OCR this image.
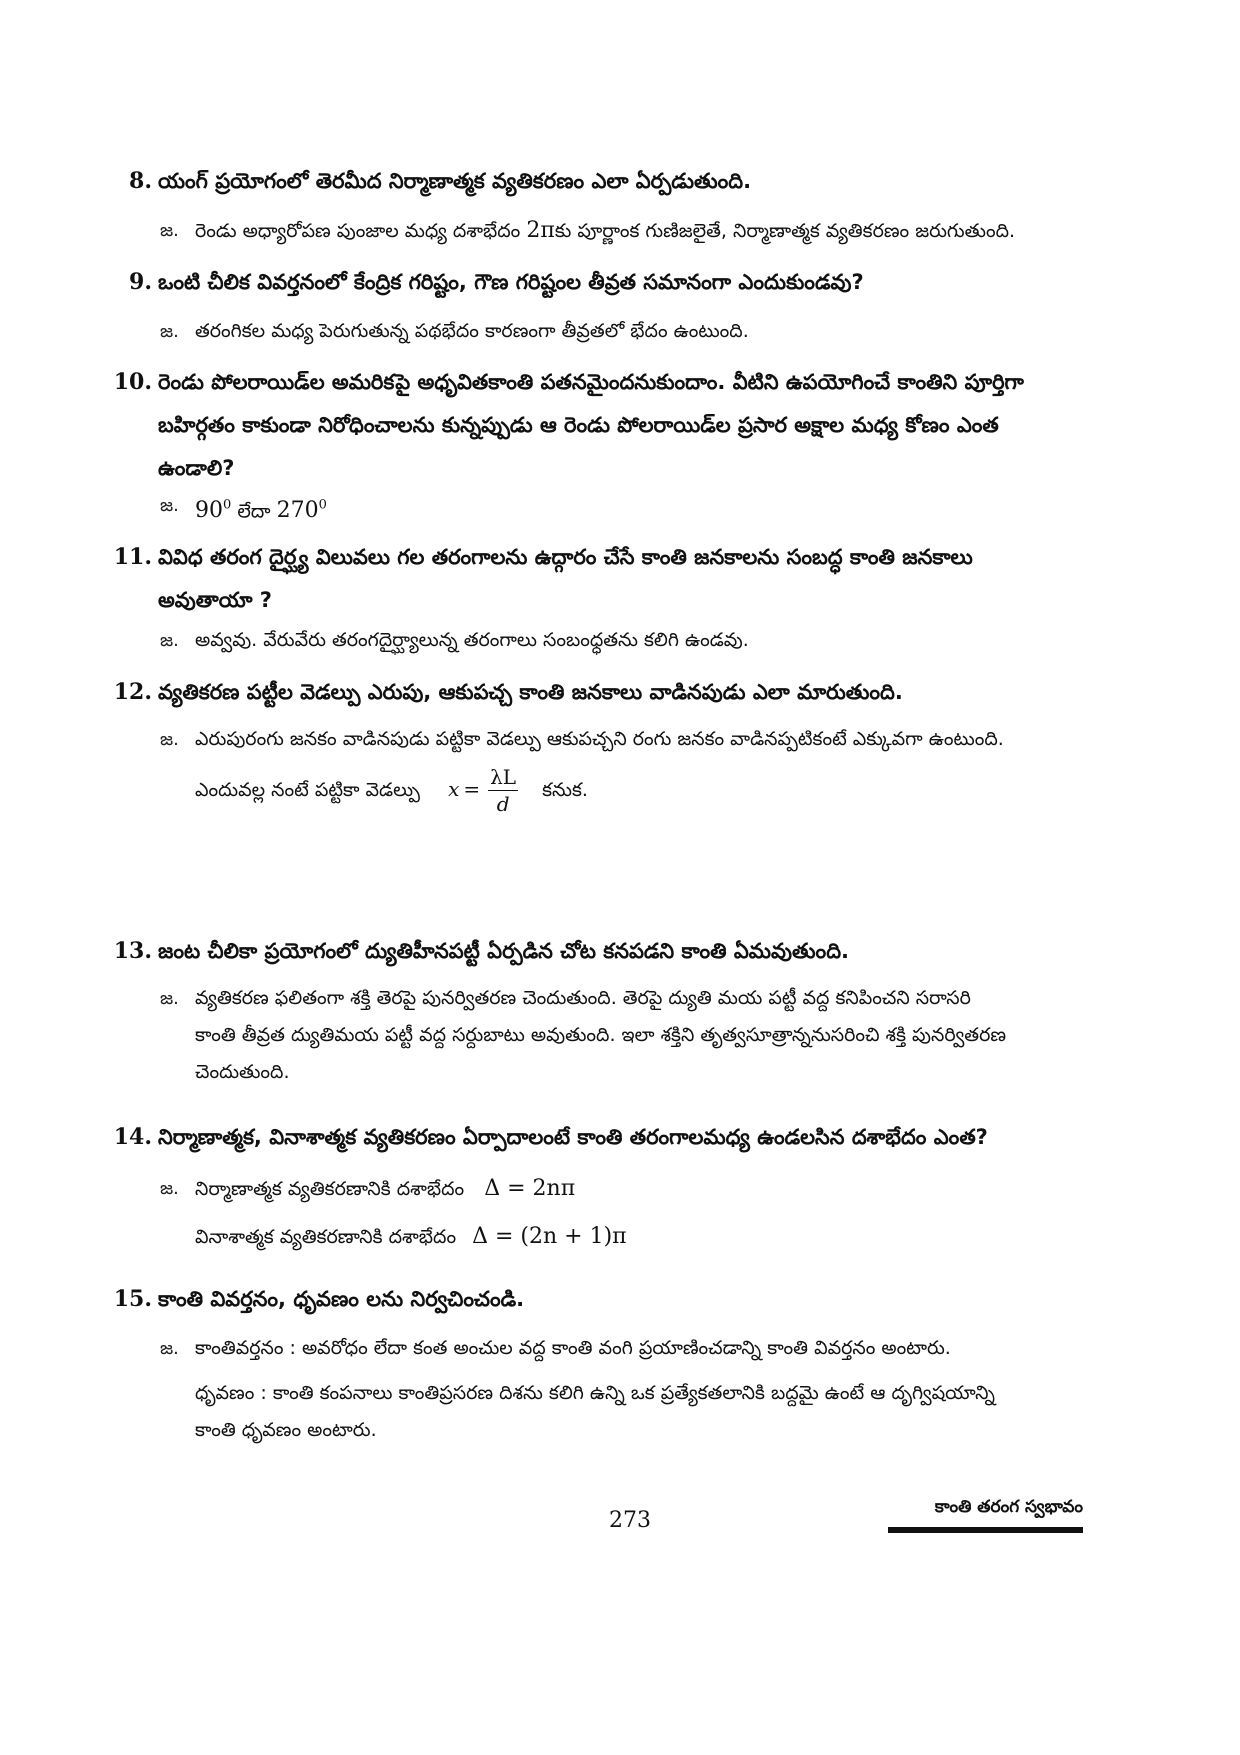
8. యంగ్ ప్రయోగంలో తెరమీద నిర్మాణాత్మక వ్యతికరణం ఎలా ఏర్పడుతుంది.
జ. రెండు అధ్యారోపణ పుంజాల మధ్య దశాభేదం 2πకు పూర్ణాంక గుణిజలైతే, నిర్మాణాత్మక వ్యతికరణం జరుగుతుంది.
9. ఒంటి చీలిక వివర్తనంలో కేంద్రిక గరిష్టం, గౌణ గరిష్టంల తీవ్రత సమానంగా ఎందుకుండవు?
జ. తరంగికల మధ్య పెరుగుతున్న పథభేదం కారణంగా తీవ్రతలో భేదం ఉంటుంది.
10. రెండు పోలరాయిడ్‌ల అమరికపై అధృవితకాంతి పతనమైందనుకుందాం. వీటిని ఉపయోగించే కాంతిని పూర్తిగా
బహిర్గతం కాకుండా నిరోధించాలను కున్నప్పుడు ఆ రెండు పోలరాయిడ్‌ల ప్రసార అక్షాల మధ్య కోణం ఎంత
ఉండాలి?
జ. $90^0$ లేదా $270^0$
11. వివిధ తరంగ దైర్ఘ్య విలువలు గల తరంగాలను ఉద్గారం చేసే కాంతి జనకాలను సంబద్ధ కాంతి జనకాలు
అవుతాయా ?
జ. అవ్వవు. వేరువేరు తరంగదైర్ఘ్యాలున్న తరంగాలు సంబంధ్ధతను కలిగి ఉండవు.
12. వ్యతికరణ పట్టీల వెడల్పు ఎరుపు, ఆకుపచ్చ కాంతి జనకాలు వాడినపుడు ఎలా మారుతుంది.
జ. ఎరుపురంగు జనకం వాడినపుడు పట్టికా వెడల్పు ఆకుపచ్చని రంగు జనకం వాడినప్పటికంటే ఎక్కువగా ఉంటుంది.
ఎందువల్ల నంటే పట్టికా వెడల్పు $x = \frac{\lambda L}{d}$ కనుక.
13. జంట చీలికా ప్రయోగంలో ద్యుతిహీనపట్టీ ఏర్పడిన చోట కనపడని కాంతి ఏమవుతుంది.
జ. వ్యతికరణ ఫలితంగా శక్తి తెరపై పునర్వితరణ చెందుతుంది. తెరపై ద్యుతి మయ పట్టీ వద్ద కనిపించని సరాసరి
కాంతి తీవ్రత ద్యుతిమయ పట్టీ వద్ద సర్దుబాటు అవుతుంది. ఇలా శక్తిని తృత్వసూత్రాన్ననుసరించి శక్తి పునర్వితరణ
చెందుతుంది.
14. నిర్మాణాత్మక, వినాశాత్మక వ్యతికరణం ఏర్పాదాలంటే కాంతి తరంగాలమధ్య ఉండలసిన దశాభేదం ఎంత?
జ. నిర్మాణాత్మక వ్యతికరణానికి దశాభేదం Δ = 2nπ
వినాశాత్మక వ్యతికరణానికి దశాభేదం Δ = (2n + 1)π
15. కాంతి వివర్తనం, ధృవణం లను నిర్వచించండి.
జ. కాంతివర్తనం : అవరోధం లేదా కంత అంచుల వద్ద కాంతి వంగి ప్రయాణించడాన్ని కాంతి వివర్తనం అంటారు.
ధృవణం : కాంతి కంపనాలు కాంతిప్రసరణ దిశను కలిగి ఉన్ని ఒక ప్రత్యేకతలానికి బద్దమై ఉంటే ఆ దృగ్విషయాన్ని
కాంతి ధృవణం అంటారు.
273
కాంతి తరంగ స్వభావం
